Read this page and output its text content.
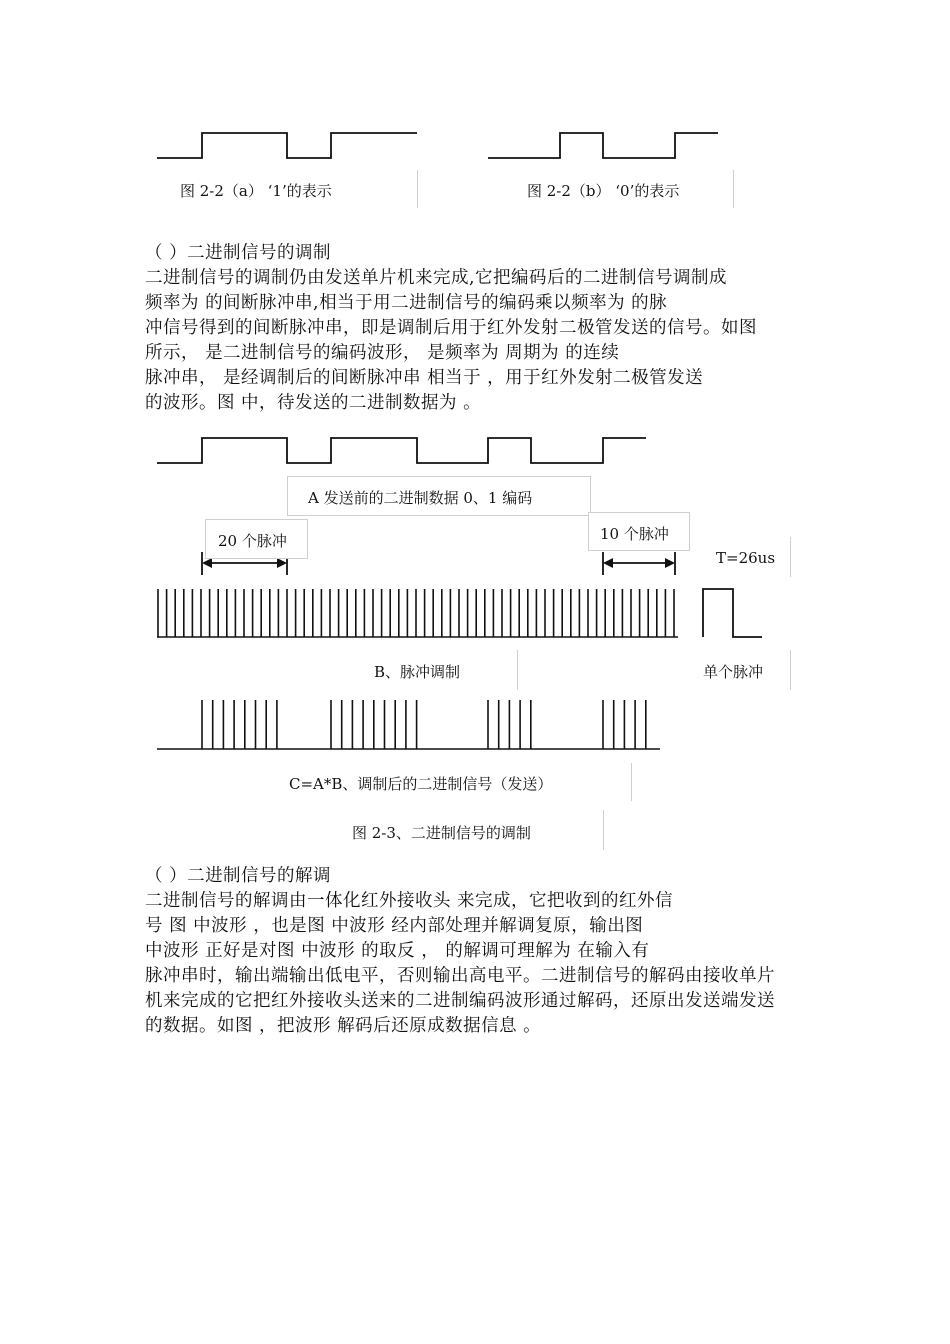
图 2-2（a） ‘1’的表示	图 2-2（b） ‘0’的表示
（ ）二进制信号的调制
二进制信号的调制仍由发送单片机来完成,它把编码后的二进制信号调制成
频率为 的间断脉冲串,相当于用二进制信号的编码乘以频率为 的脉
冲信号得到的间断脉冲串，即是调制后用于红外发射二极管发送的信号。如图
所示， 是二进制信号的编码波形， 是频率为 周期为 的连续
脉冲串， 是经调制后的间断脉冲串 相当于 ，用于红外发射二极管发送
的波形。图 中，待发送的二进制数据为 。
A 发送前的二进制数据 0、1 编码
20 个脉冲	10 个脉冲
T=26us
B、脉冲调制	单个脉冲
C=A*B、调制后的二进制信号（发送）
图 2-3、二进制信号的调制
（ ）二进制信号的解调
二进制信号的解调由一体化红外接收头 来完成，它把收到的红外信
号 图 中波形 ，也是图 中波形 经内部处理并解调复原，输出图
中波形 正好是对图 中波形 的取反 ， 的解调可理解为 在输入有
脉冲串时，输出端输出低电平，否则输出高电平。二进制信号的解码由接收单片
机来完成的它把红外接收头送来的二进制编码波形通过解码，还原出发送端发送
的数据。如图 ，把波形 解码后还原成数据信息 。
